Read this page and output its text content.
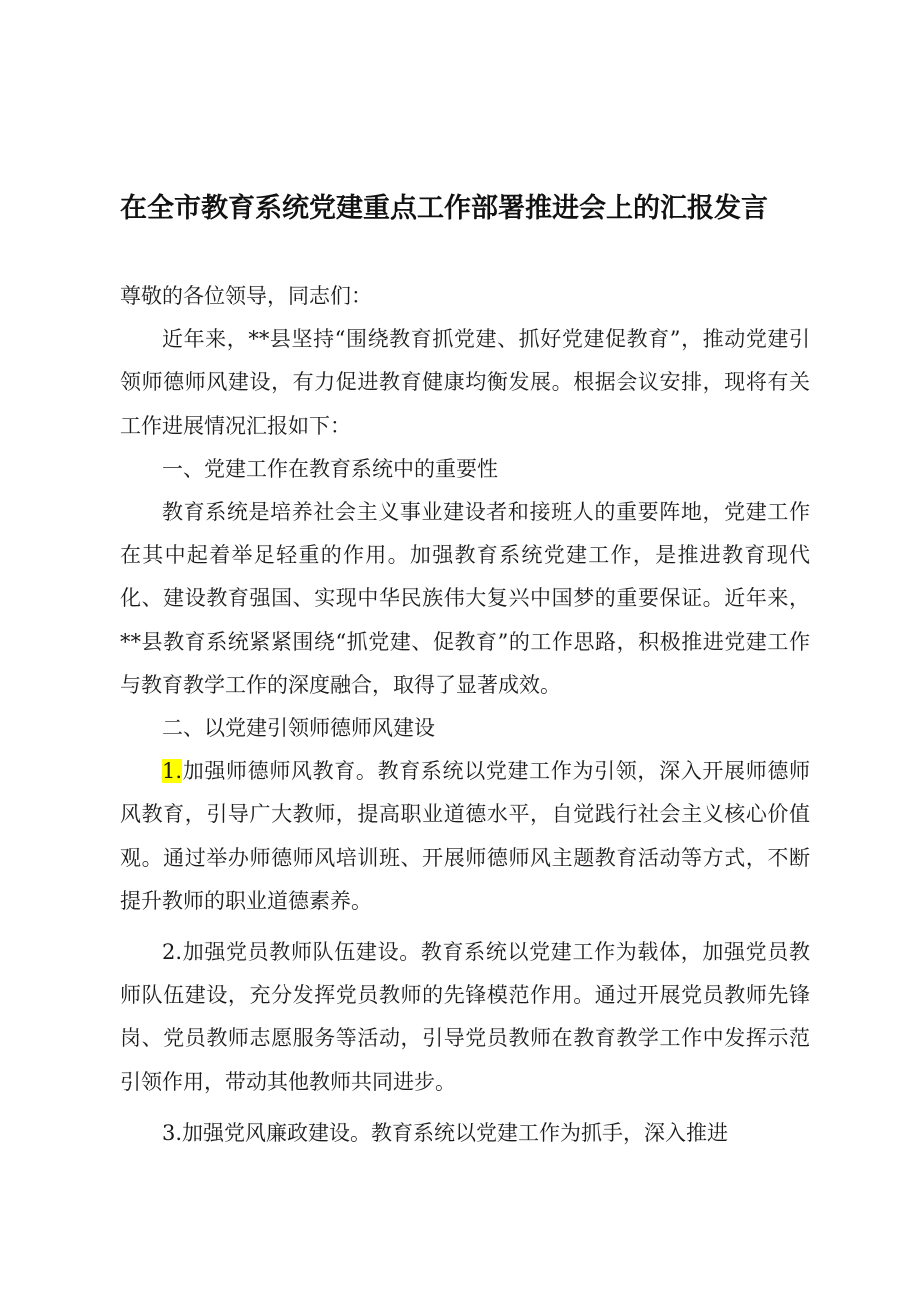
在全市教育系统党建重点工作部署推进会上的汇报发言

尊敬的各位领导，同志们：

近年来，**县坚持“围绕教育抓党建、抓好党建促教育”，推动党建引领师德师风建设，有力促进教育健康均衡发展。根据会议安排，现将有关工作进展情况汇报如下：

一、党建工作在教育系统中的重要性

教育系统是培养社会主义事业建设者和接班人的重要阵地，党建工作在其中起着举足轻重的作用。加强教育系统党建工作，是推进教育现代化、建设教育强国、实现中华民族伟大复兴中国梦的重要保证。近年来，**县教育系统紧紧围绕“抓党建、促教育”的工作思路，积极推进党建工作与教育教学工作的深度融合，取得了显著成效。

二、以党建引领师德师风建设

1.加强师德师风教育。教育系统以党建工作为引领，深入开展师德师风教育，引导广大教师，提高职业道德水平，自觉践行社会主义核心价值观。通过举办师德师风培训班、开展师德师风主题教育活动等方式，不断提升教师的职业道德素养。

2.加强党员教师队伍建设。教育系统以党建工作为载体，加强党员教师队伍建设，充分发挥党员教师的先锋模范作用。通过开展党员教师先锋岗、党员教师志愿服务等活动，引导党员教师在教育教学工作中发挥示范引领作用，带动其他教师共同进步。

3.加强党风廉政建设。教育系统以党建工作为抓手，深入推进
